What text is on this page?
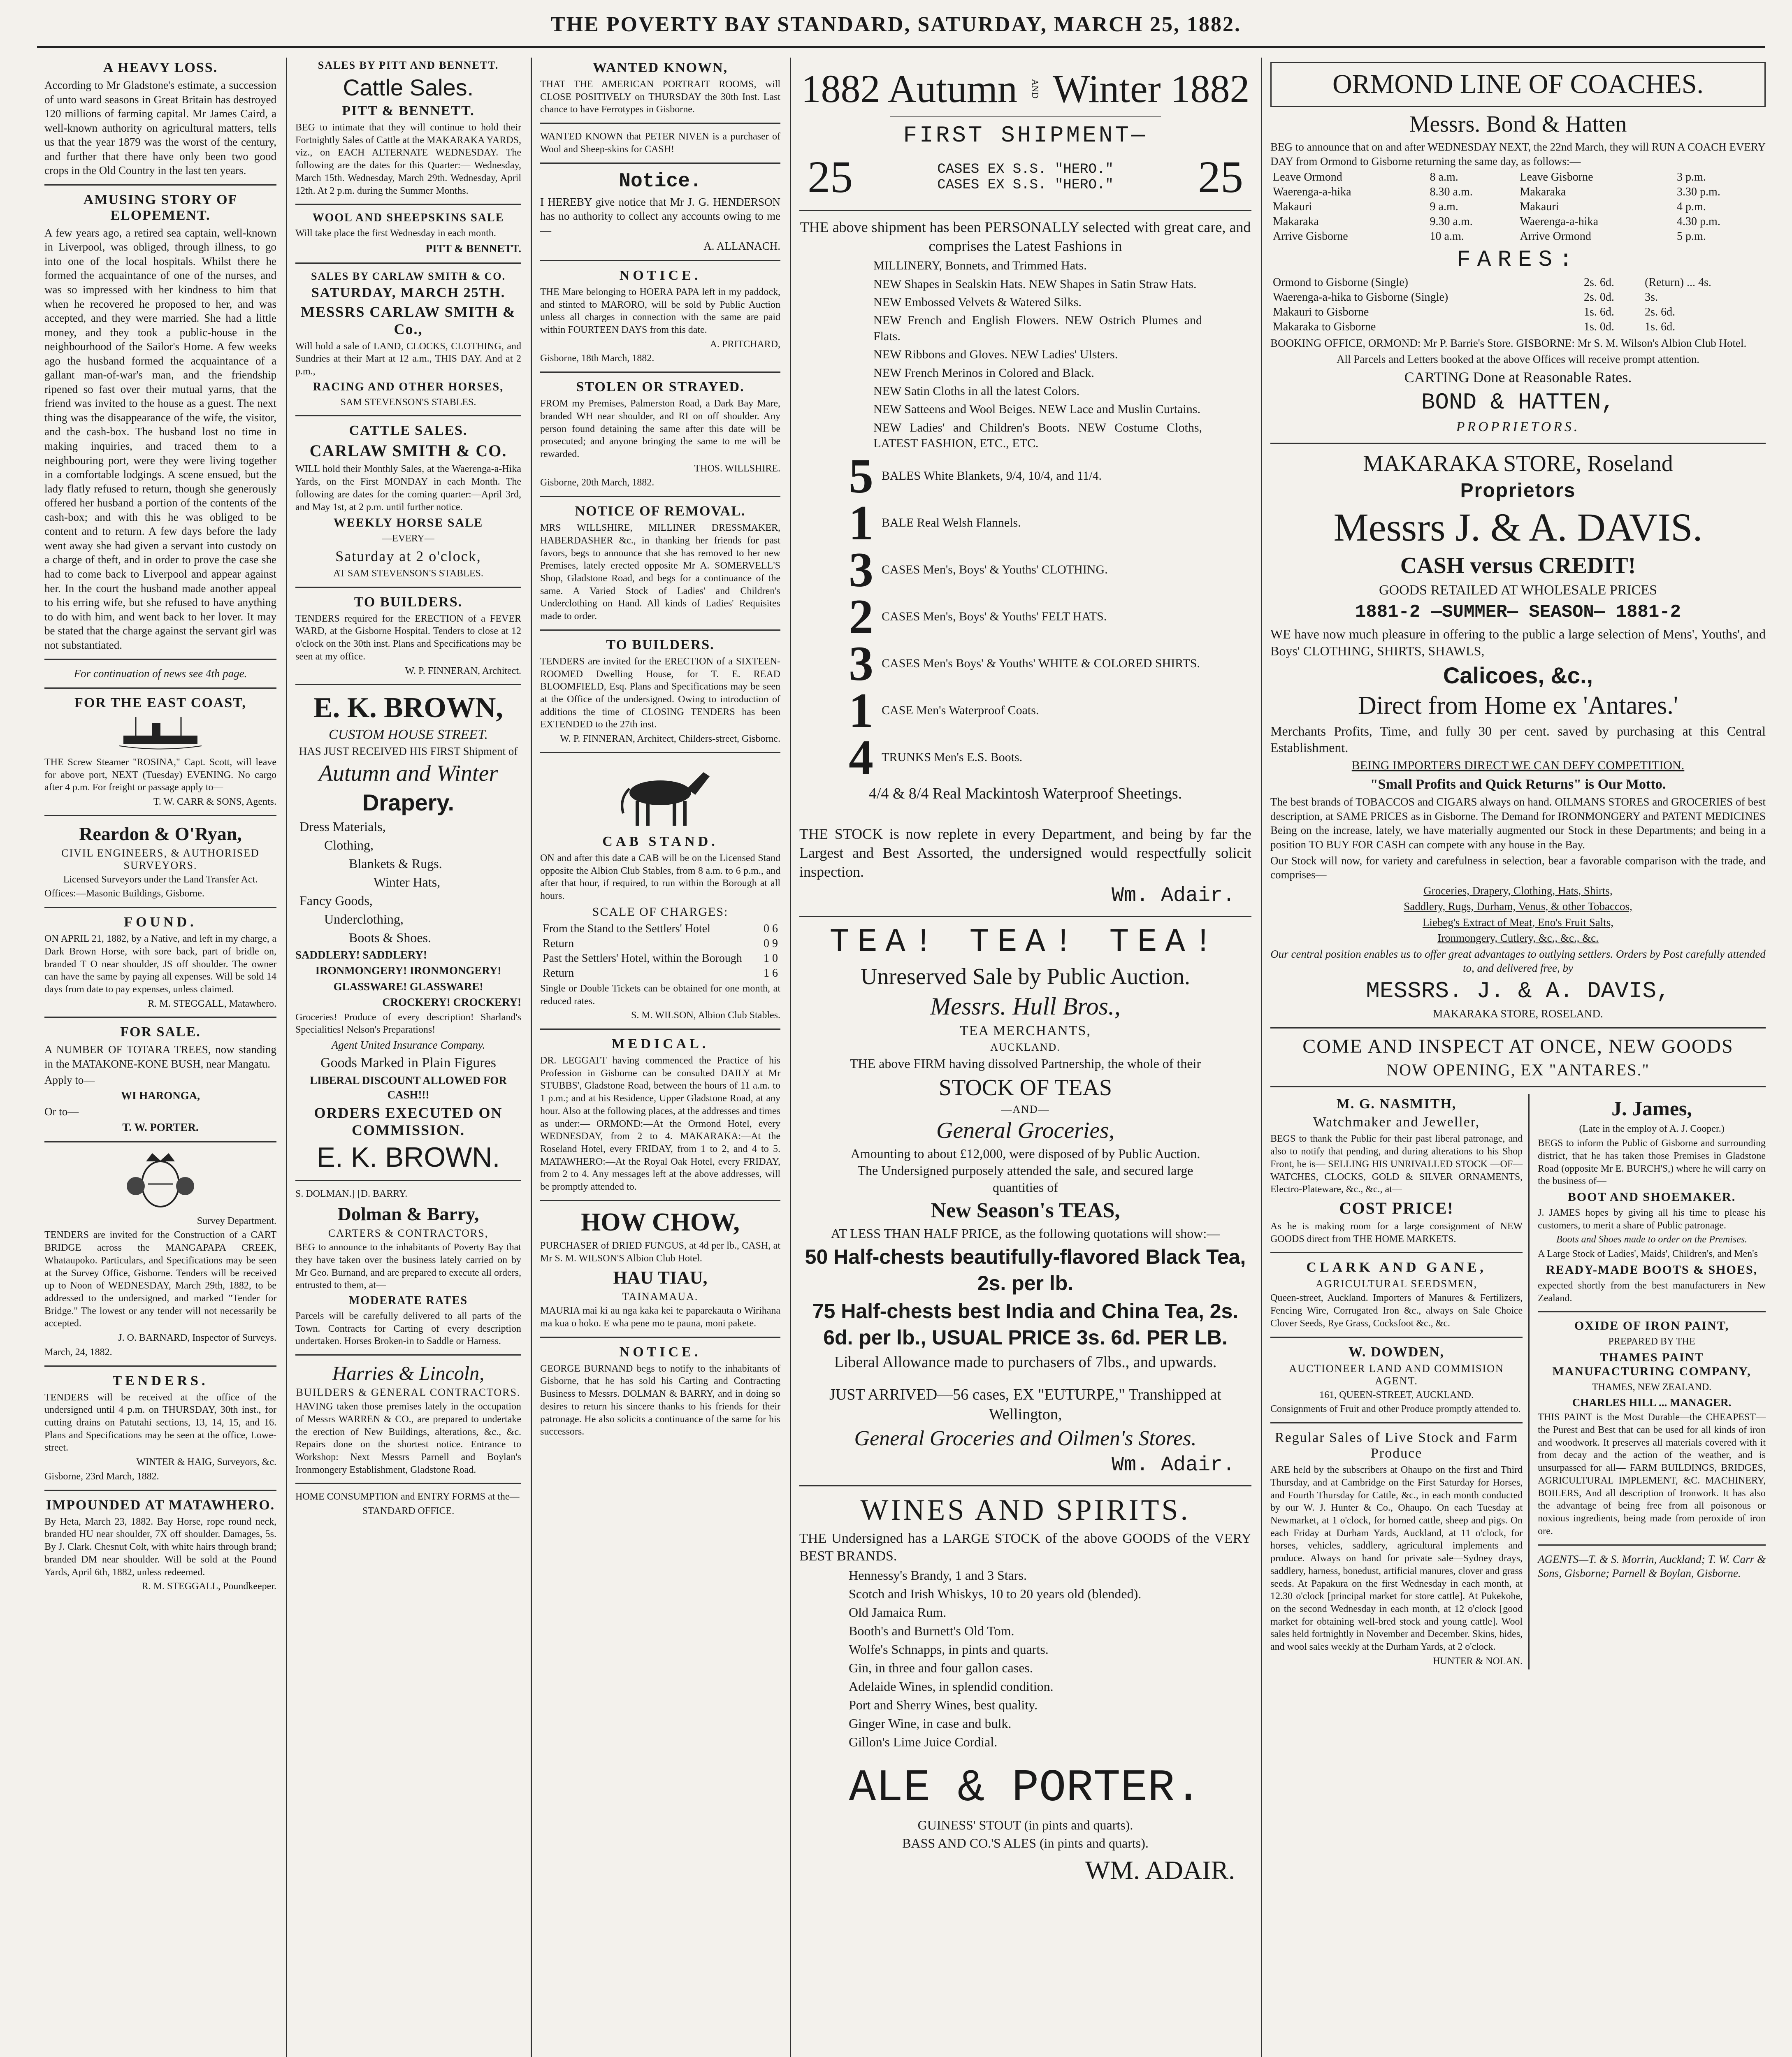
THE POVERTY BAY STANDARD, SATURDAY, MARCH 25, 1882.
A HEAVY LOSS.

According to Mr Gladstone's estimate, a succession of unto ward seasons in Great Britain has destroyed 120 millions of farming capital. Mr James Caird, a well-known authority on agricultural matters, tells us that the year 1879 was the worst of the century, and further that there have only been two good crops in the Old Country in the last ten years.

AMUSING STORY OF ELOPEMENT.

A few years ago, a retired sea captain, well-known in Liverpool, was obliged, through illness, to go into one of the local hospitals. Whilst there he formed the acquaintance of one of the nurses, and was so impressed with her kindness to him that when he recovered he proposed to her, and was accepted, and they were married. She had a little money, and they took a public-house in the neighbourhood of the Sailor's Home. A few weeks ago the husband formed the acquaintance of a gallant man-of-war's man, and the friendship ripened so fast over their mutual yarns, that the friend was invited to the house as a guest. The next thing was the disappearance of the wife, the visitor, and the cash-box. The husband lost no time in making inquiries, and traced them to a neighbouring port, were they were living together in a comfortable lodgings. A scene ensued, but the lady flatly refused to return, though she generously offered her husband a portion of the contents of the cash-box; and with this he was obliged to be content and to return. A few days before the lady went away she had given a servant into custody on a charge of theft, and in order to prove the case she had to come back to Liverpool and appear against her. In the court the husband made another appeal to his erring wife, but she refused to have anything to do with him, and went back to her lover. It may be stated that the charge against the servant girl was not substantiated.

For continuation of news see 4th page.

FOR THE EAST COAST,

THE Screw Steamer "ROSINA," Capt. Scott, will leave for above port, NEXT (Tuesday) EVENING. No cargo after 4 p.m. For freight or passage apply to—

T. W. CARR & SONS, Agents.

Reardon & O'Ryan,
CIVIL ENGINEERS, & AUTHORISED SURVEYORS.

Licensed Surveyors under the Land Transfer Act.

Offices:—Masonic Buildings, Gisborne.

FOUND.

ON APRIL 21, 1882, by a Native, and left in my charge, a Dark Brown Horse, with sore back, part of bridle on, branded T O near shoulder, JS off shoulder. The owner can have the same by paying all expenses. Will be sold 14 days from date to pay expenses, unless claimed.

R. M. STEGGALL, Matawhero.

FOR SALE.

A NUMBER OF TOTARA TREES, now standing in the MATAKONE-KONE BUSH, near Mangatu.

Apply to—

WI HARONGA,

Or to—

T. W. PORTER.

Survey Department.

TENDERS are invited for the Construction of a CART BRIDGE across the MANGAPAPA CREEK, Whataupoko. Particulars, and Specifications may be seen at the Survey Office, Gisborne. Tenders will be received up to Noon of WEDNESDAY, March 29th, 1882, to be addressed to the undersigned, and marked "Tender for Bridge." The lowest or any tender will not necessarily be accepted.

J. O. BARNARD, Inspector of Surveys.

March, 24, 1882.

TENDERS.

TENDERS will be received at the office of the undersigned until 4 p.m. on THURSDAY, 30th inst., for cutting drains on Patutahi sections, 13, 14, 15, and 16. Plans and Specifications may be seen at the office, Lowe-street.

WINTER & HAIG, Surveyors, &c.

Gisborne, 23rd March, 1882.

IMPOUNDED AT MATAWHERO.

By Heta, March 23, 1882. Bay Horse, rope round neck, branded HU near shoulder, 7X off shoulder. Damages, 5s. By J. Clark. Chesnut Colt, with white hairs through brand; branded DM near shoulder. Will be sold at the Pound Yards, April 6th, 1882, unless redeemed.

R. M. STEGGALL, Poundkeeper.

SALES BY PITT AND BENNETT.
Cattle Sales.
PITT & BENNETT.

BEG to intimate that they will continue to hold their Fortnightly Sales of Cattle at the MAKARAKA YARDS, viz., on EACH ALTERNATE WEDNESDAY. The following are the dates for this Quarter:— Wednesday, March 15th. Wednesday, March 29th. Wednesday, April 12th. At 2 p.m. during the Summer Months.

WOOL AND SHEEPSKINS SALE

Will take place the first Wednesday in each month.

PITT & BENNETT.

SALES BY CARLAW SMITH & CO.
SATURDAY, MARCH 25TH.
MESSRS CARLAW SMITH & Co.,

Will hold a sale of LAND, CLOCKS, CLOTHING, and Sundries at their Mart at 12 a.m., THIS DAY. And at 2 p.m.,

RACING AND OTHER HORSES,

SAM STEVENSON'S STABLES.

CATTLE SALES.
CARLAW SMITH & CO.

WILL hold their Monthly Sales, at the Waerenga-a-Hika Yards, on the First MONDAY in each Month. The following are dates for the coming quarter:—April 3rd, and May 1st, at 2 p.m. until further notice.

WEEKLY HORSE SALE

—EVERY—

Saturday at 2 o'clock,

AT SAM STEVENSON'S STABLES.

TO BUILDERS.

TENDERS required for the ERECTION of a FEVER WARD, at the Gisborne Hospital. Tenders to close at 12 o'clock on the 30th inst. Plans and Specifications may be seen at my office.

W. P. FINNERAN, Architect.

E. K. BROWN,
CUSTOM HOUSE STREET.

HAS JUST RECEIVED HIS FIRST Shipment of

Autumn and Winter
Drapery.

Dress Materials,

Clothing,

Blankets & Rugs.

Winter Hats,

Fancy Goods,

Underclothing,

Boots & Shoes.

SADDLERY! SADDLERY!

IRONMONGERY! IRONMONGERY!

GLASSWARE! GLASSWARE!

CROCKERY! CROCKERY!

Groceries! Produce of every description! Sharland's Specialities! Nelson's Preparations!

Agent United Insurance Company.

Goods Marked in Plain Figures

LIBERAL DISCOUNT ALLOWED FOR CASH!!!

ORDERS EXECUTED ON COMMISSION.
E. K. BROWN.

S. DOLMAN.] [D. BARRY.

Dolman & Barry,
CARTERS & CONTRACTORS,

BEG to announce to the inhabitants of Poverty Bay that they have taken over the business lately carried on by Mr Geo. Burnand, and are prepared to execute all orders, entrusted to them, at—

MODERATE RATES

Parcels will be carefully delivered to all parts of the Town. Contracts for Carting of every description undertaken. Horses Broken-in to Saddle or Harness.

Harries & Lincoln,
BUILDERS & GENERAL CONTRACTORS.

HAVING taken those premises lately in the occupation of Messrs WARREN & CO., are prepared to undertake the erection of New Buildings, alterations, &c., &c. Repairs done on the shortest notice. Entrance to Workshop: Next Messrs Parnell and Boylan's Ironmongery Establishment, Gladstone Road.

HOME CONSUMPTION and ENTRY FORMS at the—

STANDARD OFFICE.

WANTED KNOWN,

THAT THE AMERICAN PORTRAIT ROOMS, will CLOSE POSITIVELY on THURSDAY the 30th Inst. Last chance to have Ferrotypes in Gisborne.

WANTED KNOWN that PETER NIVEN is a purchaser of Wool and Sheep-skins for CASH!

Notice.

I HEREBY give notice that Mr J. G. HENDERSON has no authority to collect any accounts owing to me—

A. ALLANACH.

NOTICE.

THE Mare belonging to HOERA PAPA left in my paddock, and stinted to MARORO, will be sold by Public Auction unless all charges in connection with the same are paid within FOURTEEN DAYS from this date.

A. PRITCHARD,

Gisborne, 18th March, 1882.

STOLEN OR STRAYED.

FROM my Premises, Palmerston Road, a Dark Bay Mare, branded WH near shoulder, and RI on off shoulder. Any person found detaining the same after this date will be prosecuted; and anyone bringing the same to me will be rewarded.

THOS. WILLSHIRE.

Gisborne, 20th March, 1882.

NOTICE OF REMOVAL.

MRS WILLSHIRE, MILLINER DRESSMAKER, HABERDASHER &c., in thanking her friends for past favors, begs to announce that she has removed to her new Premises, lately erected opposite Mr A. SOMERVELL'S Shop, Gladstone Road, and begs for a continuance of the same. A Varied Stock of Ladies' and Children's Underclothing on Hand. All kinds of Ladies' Requisites made to order.

TO BUILDERS.

TENDERS are invited for the ERECTION of a SIXTEEN-ROOMED Dwelling House, for T. E. READ BLOOMFIELD, Esq. Plans and Specifications may be seen at the Office of the undersigned. Owing to introduction of additions the time of CLOSING TENDERS has been EXTENDED to the 27th inst.

W. P. FINNERAN, Architect, Childers-street, Gisborne.

CAB STAND.

ON and after this date a CAB will be on the Licensed Stand opposite the Albion Club Stables, from 8 a.m. to 6 p.m., and after that hour, if required, to run within the Borough at all hours.

SCALE OF CHARGES:
From the Stand to the Settlers' Hotel	0 6
Return	0 9
Past the Settlers' Hotel, within the Borough	1 0
Return	1 6

Single or Double Tickets can be obtained for one month, at reduced rates.

S. M. WILSON, Albion Club Stables.

MEDICAL.

DR. LEGGATT having commenced the Practice of his Profession in Gisborne can be consulted DAILY at Mr STUBBS', Gladstone Road, between the hours of 11 a.m. to 1 p.m.; and at his Residence, Upper Gladstone Road, at any hour. Also at the following places, at the addresses and times as under:— ORMOND:—At the Ormond Hotel, every WEDNESDAY, from 2 to 4. MAKARAKA:—At the Roseland Hotel, every FRIDAY, from 1 to 2, and 4 to 5. MATAWHERO:—At the Royal Oak Hotel, every FRIDAY, from 2 to 4. Any messages left at the above addresses, will be promptly attended to.

HOW CHOW,

PURCHASER of DRIED FUNGUS, at 4d per lb., CASH, at Mr S. M. WILSON'S Albion Club Hotel.

HAU TIAU,
TAINAMAUA.

MAURIA mai ki au nga kaka kei te paparekauta o Wirihana ma kua o hoko. E wha pene mo te pauna, moni pakete.

NOTICE.

GEORGE BURNAND begs to notify to the inhabitants of Gisborne, that he has sold his Carting and Contracting Business to Messrs. DOLMAN & BARRY, and in doing so desires to return his sincere thanks to his friends for their patronage. He also solicits a continuance of the same for his successors.

1882 Autumn AND Winter 1882
FIRST SHIPMENT—
25	CASES EX S.S. "HERO."
CASES EX S.S. "HERO." 25

THE above shipment has been PERSONALLY selected with great care, and comprises the Latest Fashions in

MILLINERY, Bonnets, and Trimmed Hats.

NEW Shapes in Sealskin Hats. NEW Shapes in Satin Straw Hats.

NEW Embossed Velvets & Watered Silks.

NEW French and English Flowers. NEW Ostrich Plumes and Flats.

NEW Ribbons and Gloves. NEW Ladies' Ulsters.

NEW French Merinos in Colored and Black.

NEW Satin Cloths in all the latest Colors.

NEW Satteens and Wool Beiges. NEW Lace and Muslin Curtains.

NEW Ladies' and Children's Boots. NEW Costume Cloths, LATEST FASHION, ETC., ETC.

5 BALES White Blankets, 9/4, 10/4, and 11/4.
1 BALE Real Welsh Flannels.
3 CASES Men's, Boys' & Youths' CLOTHING.
2 CASES Men's, Boys' & Youths' FELT HATS.
3 CASES Men's Boys' & Youths' WHITE & COLORED SHIRTS.
1 CASE Men's Waterproof Coats.
4 TRUNKS Men's E.S. Boots.

4/4 & 8/4 Real Mackintosh Waterproof Sheetings.

THE STOCK is now replete in every Department, and being by far the Largest and Best Assorted, the undersigned would respectfully solicit inspection.

Wm. Adair.

TEA! TEA! TEA!
Unreserved Sale by Public Auction.
Messrs. Hull Bros.,
TEA MERCHANTS,
AUCKLAND.

THE above FIRM having dissolved Partnership, the whole of their

STOCK OF TEAS
—AND—
General Groceries,

Amounting to about £12,000, were disposed of by Public Auction. The Undersigned purposely attended the sale, and secured large quantities of

New Season's TEAS,

AT LESS THAN HALF PRICE, as the following quotations will show:—

50 Half-chests beautifully-flavored Black Tea, 2s. per lb.

75 Half-chests best India and China Tea, 2s. 6d. per lb., USUAL PRICE 3s. 6d. PER LB.

Liberal Allowance made to purchasers of 7lbs., and upwards.

JUST ARRIVED—56 cases, EX "EUTURPE," Transhipped at Wellington,

General Groceries and Oilmen's Stores.

Wm. Adair.

WINES AND SPIRITS.

THE Undersigned has a LARGE STOCK of the above GOODS of the VERY BEST BRANDS.

Hennessy's Brandy, 1 and 3 Stars.

Scotch and Irish Whiskys, 10 to 20 years old (blended).

Old Jamaica Rum.

Booth's and Burnett's Old Tom.

Wolfe's Schnapps, in pints and quarts.

Gin, in three and four gallon cases.

Adelaide Wines, in splendid condition.

Port and Sherry Wines, best quality.

Ginger Wine, in case and bulk.

Gillon's Lime Juice Cordial.

ALE & PORTER.

GUINESS' STOUT (in pints and quarts).

BASS AND CO.'S ALES (in pints and quarts).

WM. ADAIR.

ORMOND LINE OF COACHES.
Messrs. Bond & Hatten

BEG to announce that on and after WEDNESDAY NEXT, the 22nd March, they will RUN A COACH EVERY DAY from Ormond to Gisborne returning the same day, as follows:—

Leave Ormond	8 a.m.	Leave Gisborne	3 p.m.
Waerenga-a-hika	8.30 a.m.	Makaraka	3.30 p.m.
Makauri	9 a.m.	Makauri	4 p.m.
Makaraka	9.30 a.m.	Waerenga-a-hika	4.30 p.m.
Arrive Gisborne	10 a.m.	Arrive Ormond	5 p.m.
FARES:
Ormond to Gisborne (Single)	2s. 6d.	(Return) ... 4s.
Waerenga-a-hika to Gisborne (Single)	2s. 0d.	3s.
Makauri to Gisborne	1s. 6d.	2s. 6d.
Makaraka to Gisborne	1s. 0d.	1s. 6d.

BOOKING OFFICE, ORMOND: Mr P. Barrie's Store. GISBORNE: Mr S. M. Wilson's Albion Club Hotel.

All Parcels and Letters booked at the above Offices will receive prompt attention.

CARTING Done at Reasonable Rates.

BOND & HATTEN,

PROPRIETORS.

MAKARAKA STORE, Roseland
Proprietors
Messrs J. & A. DAVIS.
CASH versus CREDIT!

GOODS RETAILED AT WHOLESALE PRICES

1881-2 —SUMMER— SEASON— 1881-2

WE have now much pleasure in offering to the public a large selection of Mens', Youths', and Boys' CLOTHING, SHIRTS, SHAWLS,

Calicoes, &c.,
Direct from Home ex 'Antares.'

Merchants Profits, Time, and fully 30 per cent. saved by purchasing at this Central Establishment.

BEING IMPORTERS DIRECT WE CAN DEFY COMPETITION.

"Small Profits and Quick Returns" is Our Motto.

The best brands of TOBACCOS and CIGARS always on hand. OILMANS STORES and GROCERIES of best description, at SAME PRICES as in Gisborne. The Demand for IRONMONGERY and PATENT MEDICINES Being on the increase, lately, we have materially augmented our Stock in these Departments; and being in a position TO BUY FOR CASH can compete with any house in the Bay.

Our Stock will now, for variety and carefulness in selection, bear a favorable comparison with the trade, and comprises—

Groceries, Drapery, Clothing, Hats, Shirts,

Saddlery, Rugs, Durham, Venus, & other Tobaccos,

Liebeg's Extract of Meat, Eno's Fruit Salts,

Ironmongery, Cutlery, &c., &c., &c.

Our central position enables us to offer great advantages to outlying settlers. Orders by Post carefully attended to, and delivered free, by

MESSRS. J. & A. DAVIS,

MAKARAKA STORE, ROSELAND.

COME AND INSPECT AT ONCE, NEW GOODS
NOW OPENING, EX "ANTARES."
M. G. NASMITH,
Watchmaker and Jeweller,

BEGS to thank the Public for their past liberal patronage, and also to notify that pending, and during alterations to his Shop Front, he is— SELLING HIS UNRIVALLED STOCK —OF— WATCHES, CLOCKS, GOLD & SILVER ORNAMENTS, Electro-Plateware, &c., &c., at—

COST PRICE!

As he is making room for a large consignment of NEW GOODS direct from THE HOME MARKETS.

CLARK AND GANE,
AGRICULTURAL SEEDSMEN,

Queen-street, Auckland. Importers of Manures & Fertilizers, Fencing Wire, Corrugated Iron &c., always on Sale Choice Clover Seeds, Rye Grass, Cocksfoot &c., &c.

W. DOWDEN,
AUCTIONEER LAND AND COMMISION AGENT.

161, QUEEN-STREET, AUCKLAND.

Consignments of Fruit and other Produce promptly attended to.

Regular Sales of Live Stock and Farm Produce

ARE held by the subscribers at Ohaupo on the first and Third Thursday, and at Cambridge on the First Saturday for Horses, and Fourth Thursday for Cattle, &c., in each month conducted by our W. J. Hunter & Co., Ohaupo. On each Tuesday at Newmarket, at 1 o'clock, for horned cattle, sheep and pigs. On each Friday at Durham Yards, Auckland, at 11 o'clock, for horses, vehicles, saddlery, agricultural implements and produce. Always on hand for private sale—Sydney drays, saddlery, harness, bonedust, artificial manures, clover and grass seeds. At Papakura on the first Wednesday in each month, at 12.30 o'clock [principal market for store cattle]. At Pukekohe, on the second Wednesday in each month, at 12 o'clock [good market for obtaining well-bred stock and young cattle]. Wool sales held fortnightly in November and December. Skins, hides, and wool sales weekly at the Durham Yards, at 2 o'clock.

HUNTER & NOLAN.

J. James,

(Late in the employ of A. J. Cooper.)

BEGS to inform the Public of Gisborne and surrounding district, that he has taken those Premises in Gladstone Road (opposite Mr E. BURCH'S,) where he will carry on the business of—

BOOT AND SHOEMAKER.

J. JAMES hopes by giving all his time to please his customers, to merit a share of Public patronage.

Boots and Shoes made to order on the Premises.

A Large Stock of Ladies', Maids', Children's, and Men's

READY-MADE BOOTS & SHOES,

expected shortly from the best manufacturers in New Zealand.

OXIDE OF IRON PAINT,

PREPARED BY THE

THAMES PAINT MANUFACTURING COMPANY,

THAMES, NEW ZEALAND.

CHARLES HILL ... MANAGER.

THIS PAINT is the Most Durable—the CHEAPEST—the Purest and Best that can be used for all kinds of iron and woodwork. It preserves all materials covered with it from decay and the action of the weather, and is unsurpassed for all— FARM BUILDINGS, BRIDGES, AGRICULTURAL IMPLEMENT, &C. MACHINERY, BOILERS, And all description of Ironwork. It has also the advantage of being free from all poisonous or noxious ingredients, being made from peroxide of iron ore.

AGENTS—T. & S. Morrin, Auckland; T. W. Carr & Sons, Gisborne; Parnell & Boylan, Gisborne.
